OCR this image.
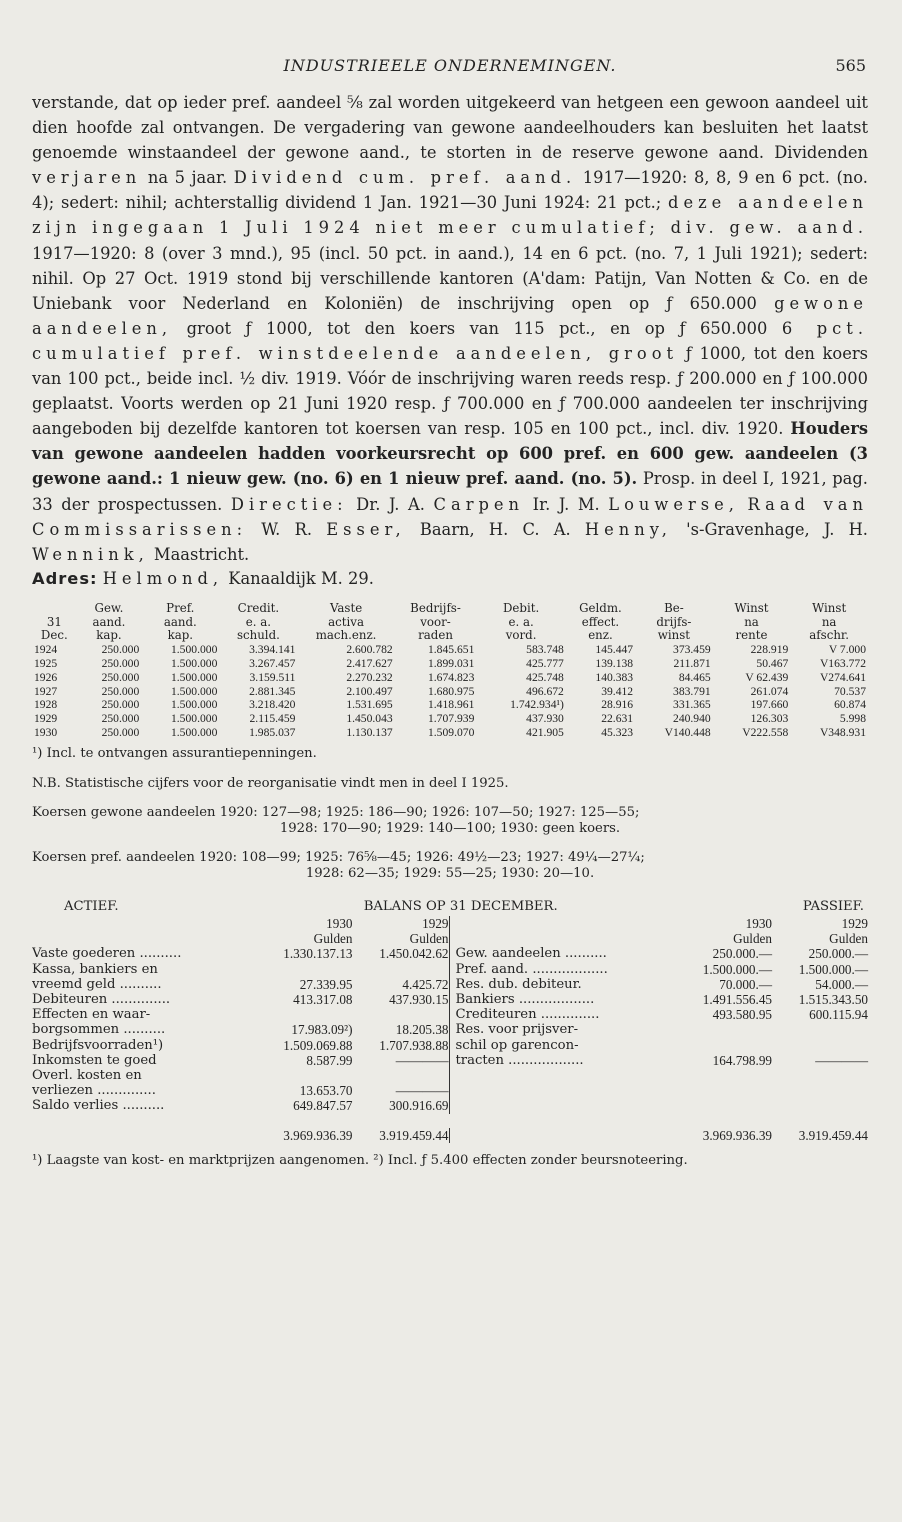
INDUSTRIEELE ONDERNEMINGEN.	565

verstande, dat op ieder pref. aandeel ⅝ zal worden uitgekeerd van hetgeen een gewoon aandeel uit dien hoofde zal ontvangen. De vergadering van gewone aandeelhouders kan besluiten het laatst genoemde winstaandeel der gewone aand., te storten in de reserve gewone aand. Dividenden verjaren na 5 jaar. Dividend cum. pref. aand. 1917—1920: 8, 8, 9 en 6 pct. (no. 4); sedert: nihil; achterstallig dividend 1 Jan. 1921—30 Juni 1924: 21 pct.; deze aandeelen zijn ingegaan 1 Juli 1924 niet meer cumulatief; div. gew. aand. 1917—1920: 8 (over 3 mnd.), 95 (incl. 50 pct. in aand.), 14 en 6 pct. (no. 7, 1 Juli 1921); sedert: nihil. Op 27 Oct. 1919 stond bij verschillende kantoren (A'dam: Patijn, Van Notten & Co. en de Uniebank voor Nederland en Koloniën) de inschrijving open op ƒ 650.000 gewone aandeelen, groot ƒ 1000, tot den koers van 115 pct., en op ƒ 650.000 6 pct. cumulatief pref. winstdeelende aandeelen, groot ƒ 1000, tot den koers van 100 pct., beide incl. ½ div. 1919. Vóór de inschrijving waren reeds resp. ƒ 200.000 en ƒ 100.000 geplaatst. Voorts werden op 21 Juni 1920 resp. ƒ 700.000 en ƒ 700.000 aandeelen ter inschrijving aangeboden bij dezelfde kantoren tot koersen van resp. 105 en 100 pct., incl. div. 1920. Houders van gewone aandeelen hadden voorkeursrecht op 600 pref. en 600 gew. aandeelen (3 gewone aand.: 1 nieuw gew. (no. 6) en 1 nieuw pref. aand. (no. 5). Prosp. in deel I, 1921, pag. 33 der prospectussen. Directie: Dr. J. A. Carpen Ir. J. M. Louwerse, Raad van Commissarissen: W. R. Esser, Baarn, H. C. A. Henny, 's-Gravenhage, J. H. Wennink, Maastricht.

Adres: Helmond, Kanaaldijk M. 29.
	Gew.	Pref.	Credit.	Vaste	Bedrijfs-	Debit.	Geldm.	Be-	Winst	Winst
31	aand.	aand.	e. a.	activa	voor-	e. a.	effect.	drijfs-	na	na
Dec.	kap.	kap.	schuld.	mach.enz.	raden	vord.	enz.	winst	rente	afschr.
1924	250.000	1.500.000	3.394.141	2.600.782	1.845.651	583.748	145.447	373.459	228.919	V 7.000
1925	250.000	1.500.000	3.267.457	2.417.627	1.899.031	425.777	139.138	211.871	50.467	V163.772
1926	250.000	1.500.000	3.159.511	2.270.232	1.674.823	425.748	140.383	84.465	V 62.439	V274.641
1927	250.000	1.500.000	2.881.345	2.100.497	1.680.975	496.672	39.412	383.791	261.074	70.537
1928	250.000	1.500.000	3.218.420	1.531.695	1.418.961	1.742.934¹)	28.916	331.365	197.660	60.874
1929	250.000	1.500.000	2.115.459	1.450.043	1.707.939	437.930	22.631	240.940	126.303	5.998
1930	250.000	1.500.000	1.985.037	1.130.137	1.509.070	421.905	45.323	V140.448	V222.558	V348.931
¹) Incl. te ontvangen assurantiepenningen.
N.B. Statistische cijfers voor de reorganisatie vindt men in deel I 1925.
Koersen gewone aandeelen 1920: 127—98; 1925: 186—90; 1926: 107—50; 1927: 125—55;
1928: 170—90; 1929: 140—100; 1930: geen koers.
Koersen pref. aandeelen 1920: 108—99; 1925: 76⅝—45; 1926: 49½—23; 1927: 49¼—27¼;
1928: 62—35; 1929: 55—25; 1930: 20—10.
ACTIEF.	BALANS OP 31 DECEMBER.	PASSIEF.
1930	1929
Gulden	Gulden
Vaste goederen ..........	1.330.137.13	1.450.042.62
Kassa, bankiers en
vreemd geld ..........	27.339.95	4.425.72
Debiteuren ..............	413.317.08	437.930.15
Effecten en waar-
borgsommen ..........	17.983.09²)	18.205.38
Bedrijfsvoorraden¹)	1.509.069.88	1.707.938.88
Inkomsten te goed	8.587.99	————
Overl. kosten en
verliezen ..............	13.653.70	————
Saldo verlies ..........	649.847.57	300.916.69
1930	1929
Gulden	Gulden
Gew. aandeelen ..........	250.000.—	250.000.—
Pref. aand. ..................	1.500.000.—	1.500.000.—
Res. dub. debiteur.	70.000.—	54.000.—
Bankiers ..................	1.491.556.45	1.515.343.50
Crediteuren ..............	493.580.95	600.115.94
Res. voor prijsver-
schil op garencon-
tracten ..................	164.798.99	————
3.969.936.39	3.919.459.44	3.969.936.39	3.919.459.44
¹) Laagste van kost- en marktprijzen aangenomen. ²) Incl. ƒ 5.400 effecten zonder beursnoteering.
